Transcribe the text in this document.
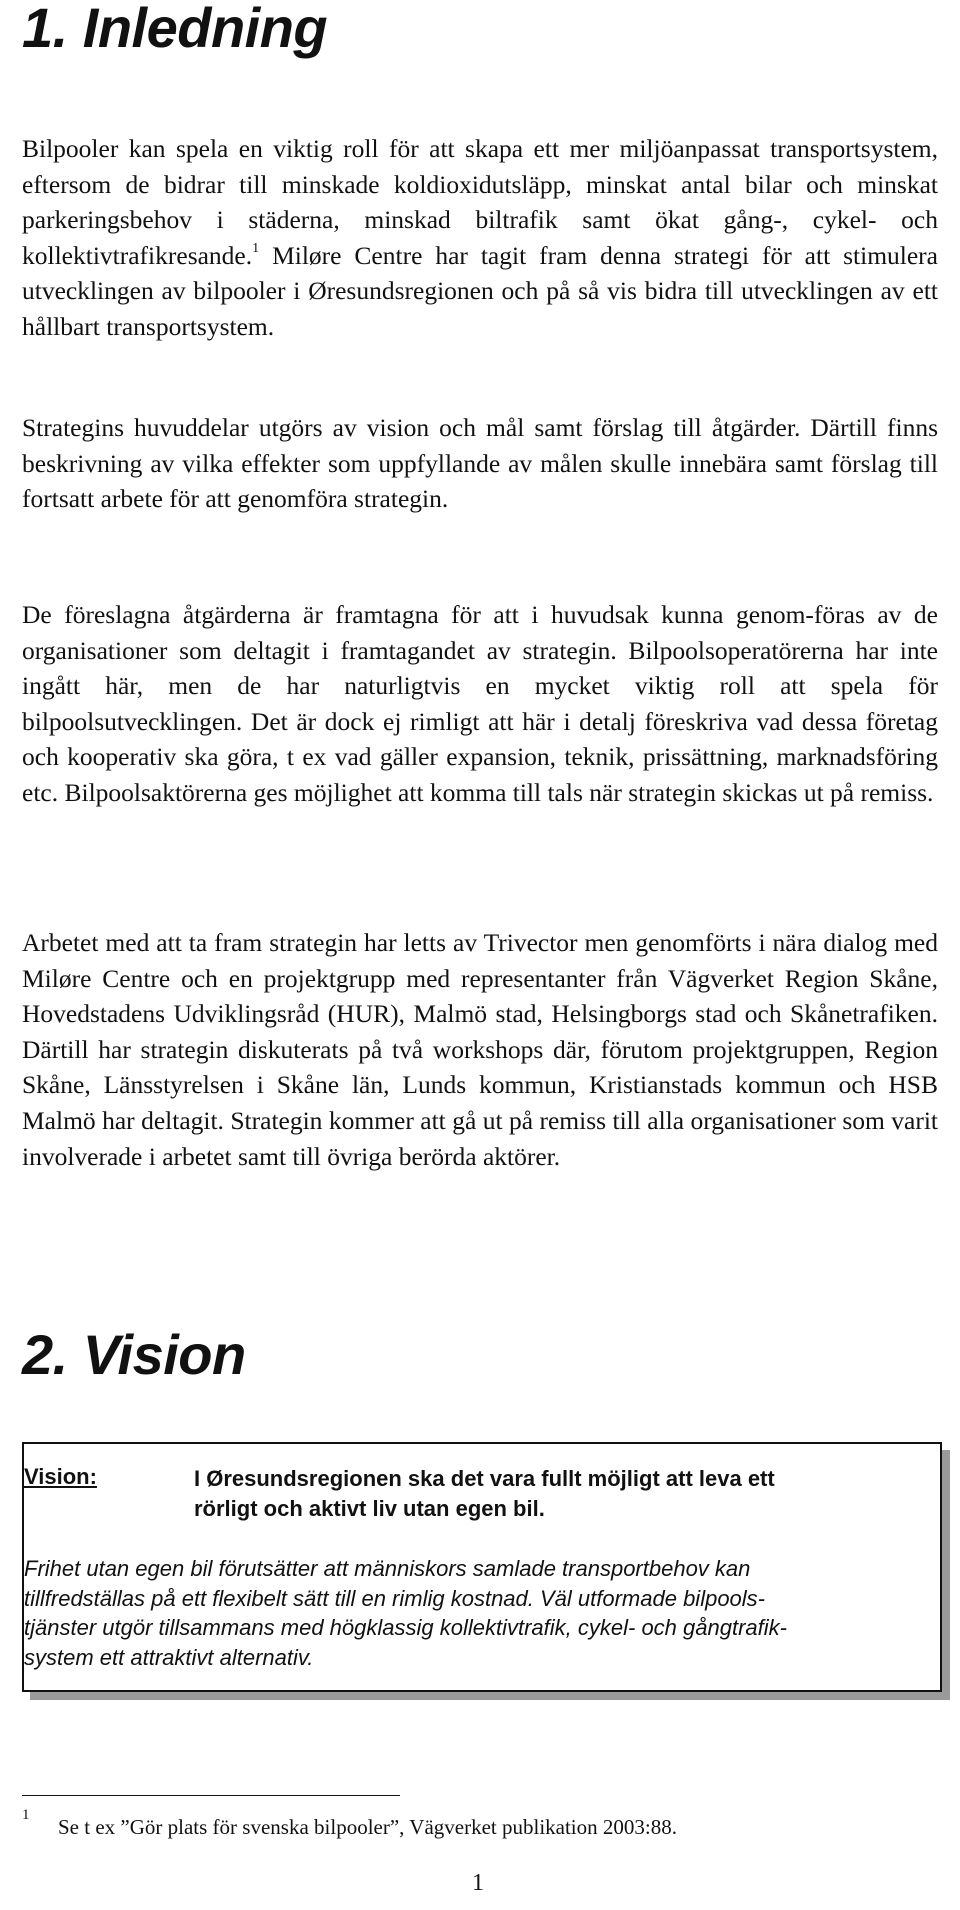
1. Inledning

Bilpooler kan spela en viktig roll för att skapa ett mer miljöanpassat transportsystem, eftersom de bidrar till minskade koldioxidutsläpp, minskat antal bilar och minskat parkeringsbehov i städerna, minskad biltrafik samt ökat gång-, cykel- och kollektivtrafikresande.$^1$ Miløre Centre har tagit fram denna strategi för att stimulera utvecklingen av bilpooler i Øresundsregionen och på så vis bidra till utvecklingen av ett hållbart transportsystem.

Strategins huvuddelar utgörs av vision och mål samt förslag till åtgärder. Därtill finns beskrivning av vilka effekter som uppfyllande av målen skulle innebära samt förslag till fortsatt arbete för att genomföra strategin.

De föreslagna åtgärderna är framtagna för att i huvudsak kunna genom-föras av de organisationer som deltagit i framtagandet av strategin. Bilpoolsoperatörerna har inte ingått här, men de har naturligtvis en mycket viktig roll att spela för bilpoolsutvecklingen. Det är dock ej rimligt att här i detalj föreskriva vad dessa företag och kooperativ ska göra, t ex vad gäller expansion, teknik, prissättning, marknadsföring etc. Bilpoolsaktörerna ges möjlighet att komma till tals när strategin skickas ut på remiss.

Arbetet med att ta fram strategin har letts av Trivector men genomförts i nära dialog med Miløre Centre och en projektgrupp med representanter från Vägverket Region Skåne, Hovedstadens Udviklingsråd (HUR), Malmö stad, Helsingborgs stad och Skånetrafiken. Därtill har strategin diskuterats på två workshops där, förutom projektgruppen, Region Skåne, Länsstyrelsen i Skåne län, Lunds kommun, Kristianstads kommun och HSB Malmö har deltagit. Strategin kommer att gå ut på remiss till alla organisationer som varit involverade i arbetet samt till övriga berörda aktörer.

2. Vision
Vision:	I Øresundsregionen ska det vara fullt möjligt att leva ett
rörligt och aktivt liv utan egen bil.
Frihet utan egen bil förutsätter att människors samlade transportbehov kan
tillfredställas på ett flexibelt sätt till en rimlig kostnad. Väl utformade bilpools-
tjänster utgör tillsammans med högklassig kollektivtrafik, cykel- och gångtrafik-
system ett attraktivt alternativ.
1 Se t ex ”Gör plats för svenska bilpooler”, Vägverket publikation 2003:88.
1
